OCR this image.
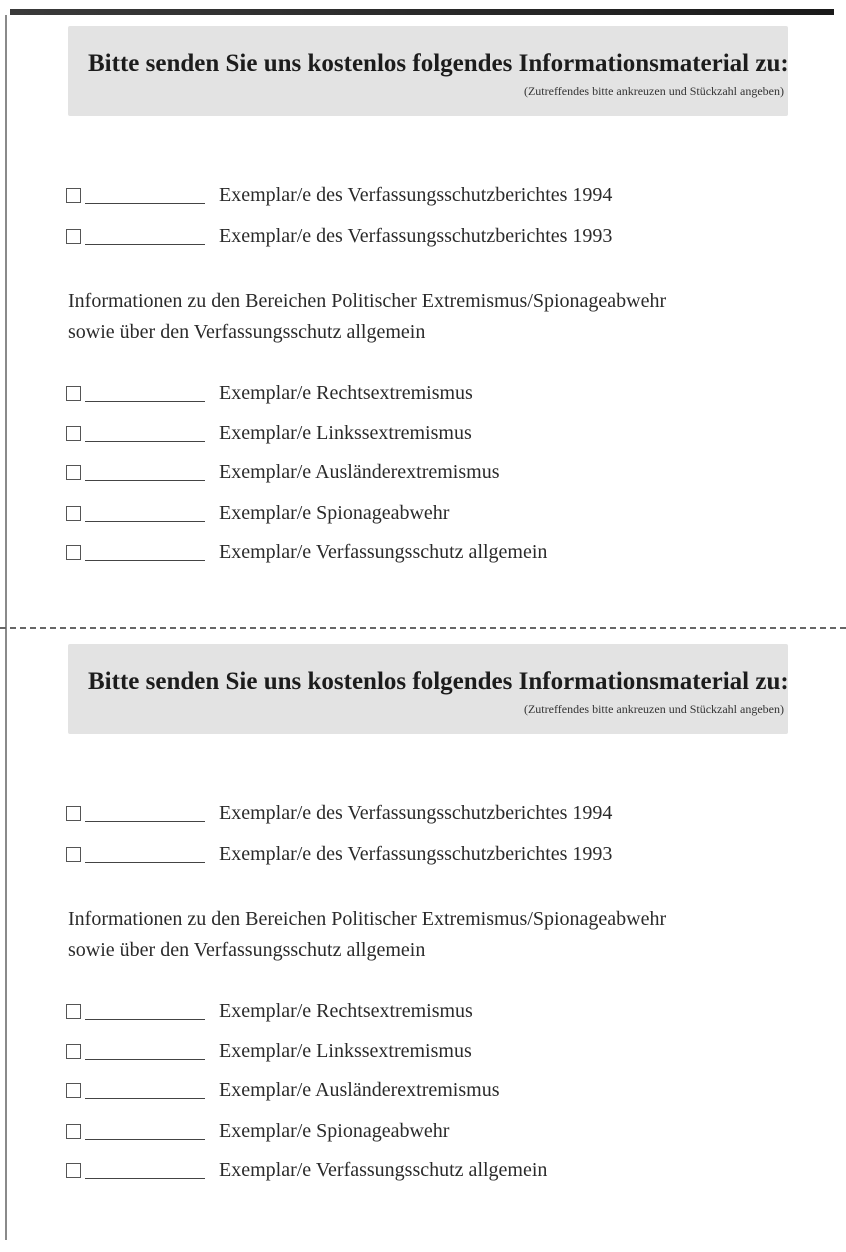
Bitte senden Sie uns kostenlos folgendes Informationsmaterial zu:
(Zutreffendes bitte ankreuzen und Stückzahl angeben)
Exemplar/e des Verfassungsschutzberichtes 1994
Exemplar/e des Verfassungsschutzberichtes 1993
Informationen zu den Bereichen Politischer Extremismus/Spionageabwehr
sowie über den Verfassungsschutz allgemein
Exemplar/e Rechtsextremismus
Exemplar/e Linkssextremismus
Exemplar/e Ausländerextremismus
Exemplar/e Spionageabwehr
Exemplar/e Verfassungsschutz allgemein
Bitte senden Sie uns kostenlos folgendes Informationsmaterial zu:
(Zutreffendes bitte ankreuzen und Stückzahl angeben)
Exemplar/e des Verfassungsschutzberichtes 1994
Exemplar/e des Verfassungsschutzberichtes 1993
Informationen zu den Bereichen Politischer Extremismus/Spionageabwehr
sowie über den Verfassungsschutz allgemein
Exemplar/e Rechtsextremismus
Exemplar/e Linkssextremismus
Exemplar/e Ausländerextremismus
Exemplar/e Spionageabwehr
Exemplar/e Verfassungsschutz allgemein
